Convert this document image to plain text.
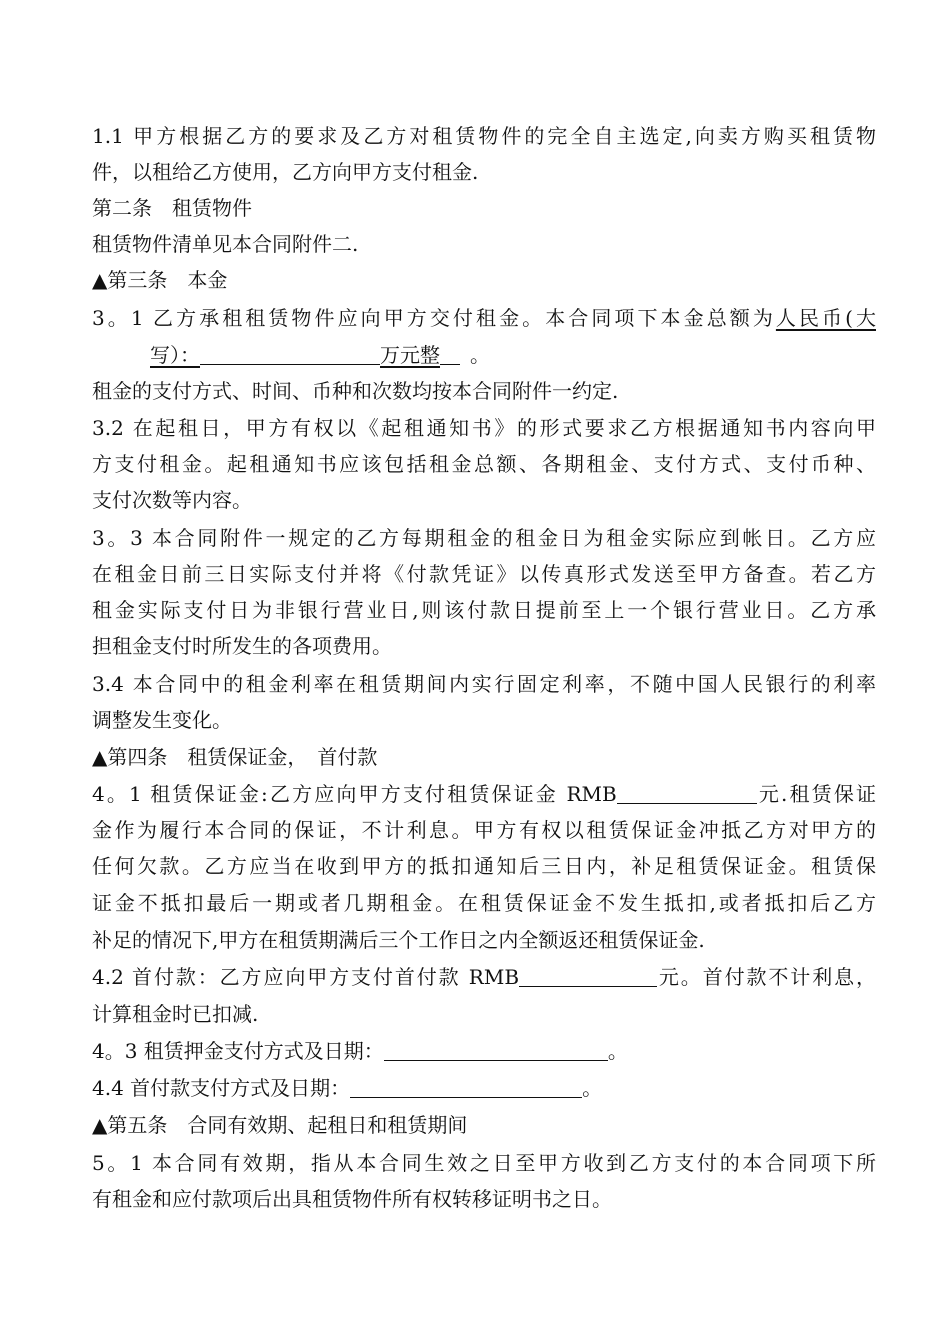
1.1 甲方根据乙方的要求及乙方对租赁物件的完全自主选定,向卖方购买租赁物
件，以租给乙方使用，乙方向甲方支付租金.
第二条　租赁物件
租赁物件清单见本合同附件二.
▲第三条　本金
3。1 乙方承租租赁物件应向甲方交付租金。本合同项下本金总额为人民币(大
写）：	万元整 。
租金的支付方式、时间、币种和次数均按本合同附件一约定.
3.2 在起租日，甲方有权以《起租通知书》的形式要求乙方根据通知书内容向甲
方支付租金。起租通知书应该包括租金总额、各期租金、支付方式、支付币种、
支付次数等内容。
3。3 本合同附件一规定的乙方每期租金的租金日为租金实际应到帐日。乙方应
在租金日前三日实际支付并将《付款凭证》以传真形式发送至甲方备查。若乙方
租金实际支付日为非银行营业日,则该付款日提前至上一个银行营业日。乙方承
担租金支付时所发生的各项费用。
3.4 本合同中的租金利率在租赁期间内实行固定利率，不随中国人民银行的利率
调整发生变化。
▲第四条　租赁保证金，　首付款
4。1 租赁保证金:乙方应向甲方支付租赁保证金 RMB	元.租赁保证
金作为履行本合同的保证，不计利息。甲方有权以租赁保证金冲抵乙方对甲方的
任何欠款。乙方应当在收到甲方的抵扣通知后三日内，补足租赁保证金。租赁保
证金不抵扣最后一期或者几期租金。在租赁保证金不发生抵扣,或者抵扣后乙方
补足的情况下,甲方在租赁期满后三个工作日之内全额返还租赁保证金.
4.2 首付款：乙方应向甲方支付首付款 RMB	元。首付款不计利息，
计算租金时已扣减.
4。3 租赁押金支付方式及日期：	。
4.4 首付款支付方式及日期：	。
▲第五条　合同有效期、起租日和租赁期间
5。1 本合同有效期，指从本合同生效之日至甲方收到乙方支付的本合同项下所
有租金和应付款项后出具租赁物件所有权转移证明书之日。
